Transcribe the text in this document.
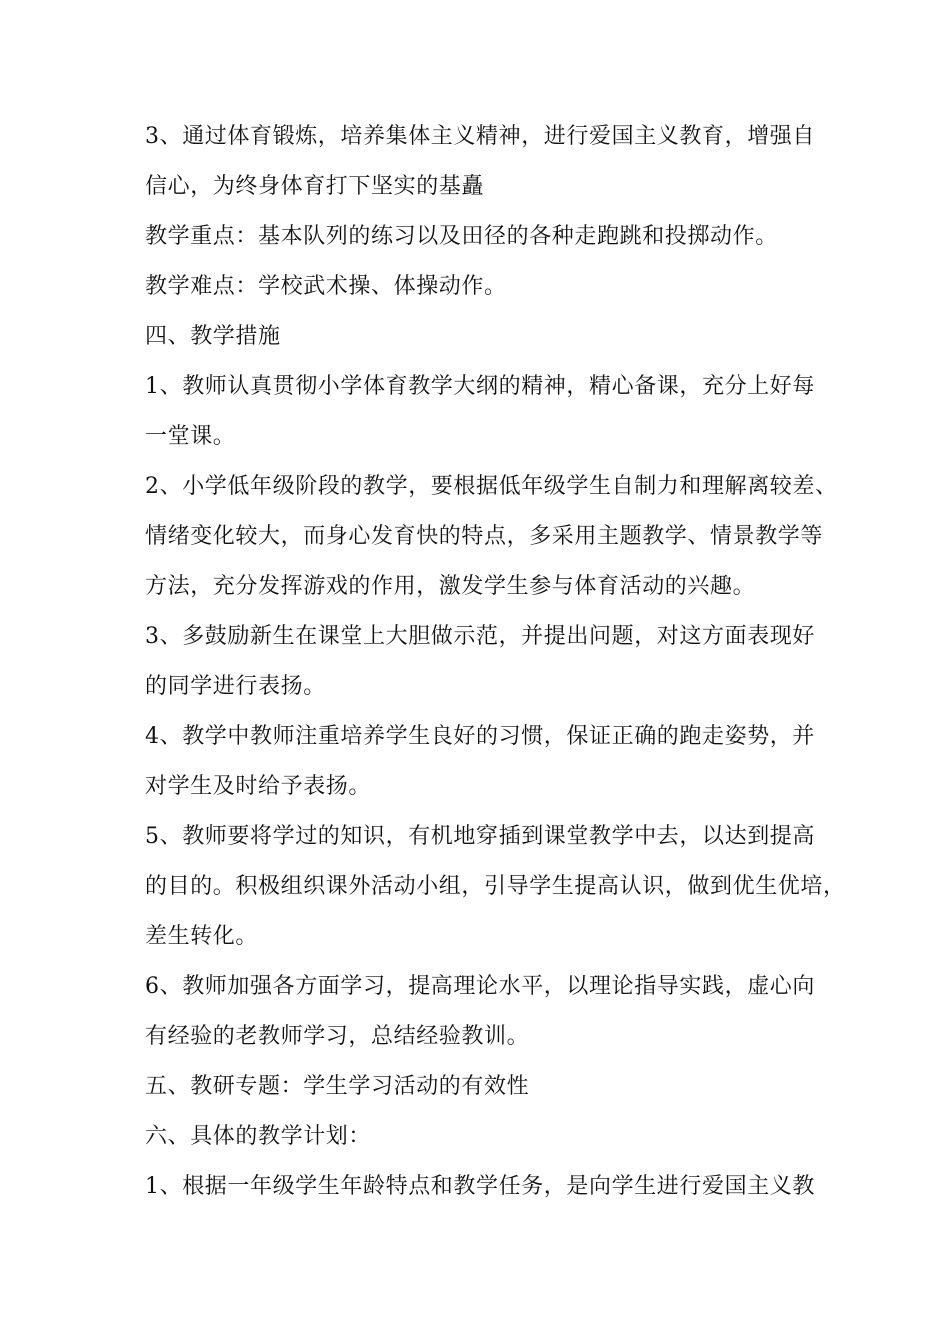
3、通过体育锻炼，培养集体主义精神，进行爱国主义教育，增强自
信心，为终身体育打下坚实的基矗
教学重点：基本队列的练习以及田径的各种走跑跳和投掷动作。
教学难点：学校武术操、体操动作。
四、教学措施
1、教师认真贯彻小学体育教学大纲的精神，精心备课，充分上好每
一堂课。
2、小学低年级阶段的教学，要根据低年级学生自制力和理解离较差、
情绪变化较大，而身心发育快的特点，多采用主题教学、情景教学等
方法，充分发挥游戏的作用，激发学生参与体育活动的兴趣。
3、多鼓励新生在课堂上大胆做示范，并提出问题，对这方面表现好
的同学进行表扬。
4、教学中教师注重培养学生良好的习惯，保证正确的跑走姿势，并
对学生及时给予表扬。
5、教师要将学过的知识，有机地穿插到课堂教学中去，以达到提高
的目的。积极组织课外活动小组，引导学生提高认识，做到优生优培，
差生转化。
6、教师加强各方面学习，提高理论水平，以理论指导实践，虚心向
有经验的老教师学习，总结经验教训。
五、教研专题：学生学习活动的有效性
六、具体的教学计划：
1、根据一年级学生年龄特点和教学任务，是向学生进行爱国主义教
